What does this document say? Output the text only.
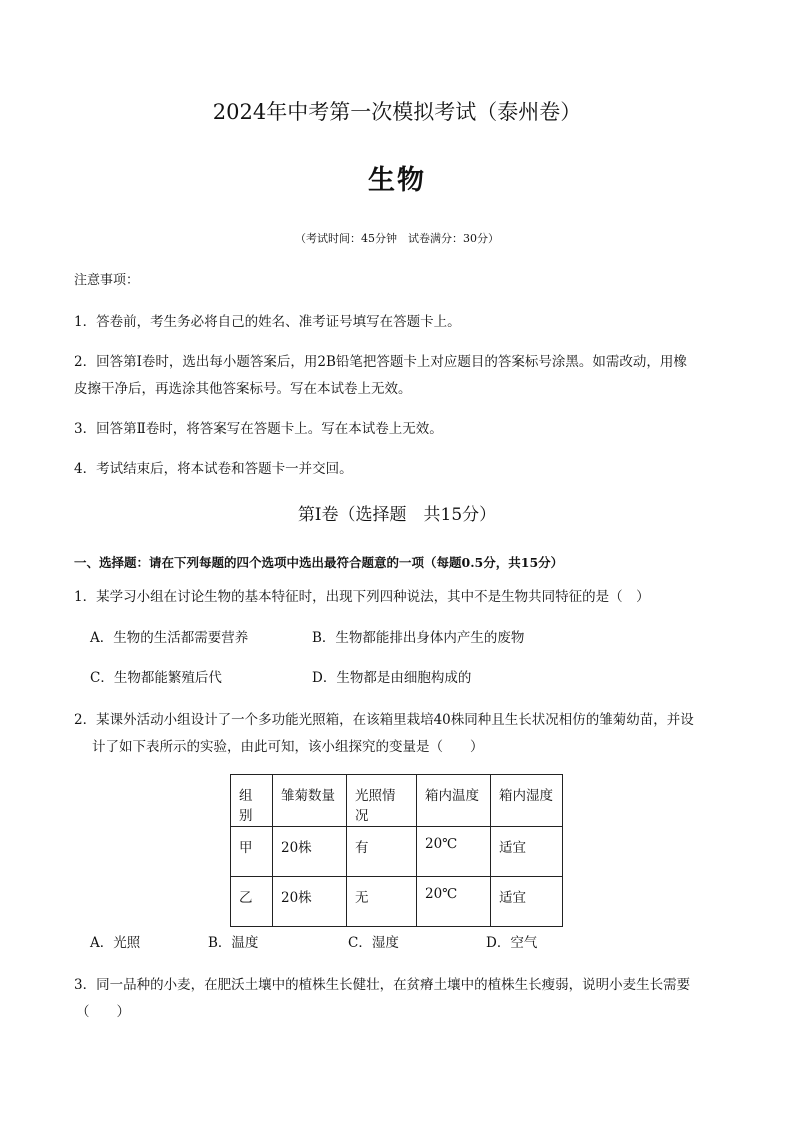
2024年中考第一次模拟考试（泰州卷）
生物
（考试时间：45分钟　试卷满分：30分）
注意事项：
1．答卷前，考生务必将自己的姓名、准考证号填写在答题卡上。
2．回答第Ⅰ卷时，选出每小题答案后，用2B铅笔把答题卡上对应题目的答案标号涂黑。如需改动，用橡
皮擦干净后，再选涂其他答案标号。写在本试卷上无效。
3．回答第Ⅱ卷时，将答案写在答题卡上。写在本试卷上无效。
4．考试结束后，将本试卷和答题卡一并交回。
第Ⅰ卷（选择题　共15分）
一、选择题：请在下列每题的四个选项中选出最符合题意的一项（每题0.5分，共15分）
1．某学习小组在讨论生物的基本特征时，出现下列四种说法，其中不是生物共同特征的是（　）
A．生物的生活都需要营养	B．生物都能排出身体内产生的废物
C．生物都能繁殖后代	D．生物都是由细胞构成的
2．某课外活动小组设计了一个多功能光照箱，在该箱里栽培40株同种且生长状况相仿的雏菊幼苗，并设
计了如下表所示的实验，由此可知，该小组探究的变量是（　　）
组别	雏菊数量	光照情况	箱内温度	箱内湿度
甲	20株	有	20℃	适宜
乙	20株	无	20℃	适宜
A．光照	B．温度	C．湿度	D．空气
3．同一品种的小麦，在肥沃土壤中的植株生长健壮，在贫瘠土壤中的植株生长瘦弱，说明小麦生长需要
（　　）
